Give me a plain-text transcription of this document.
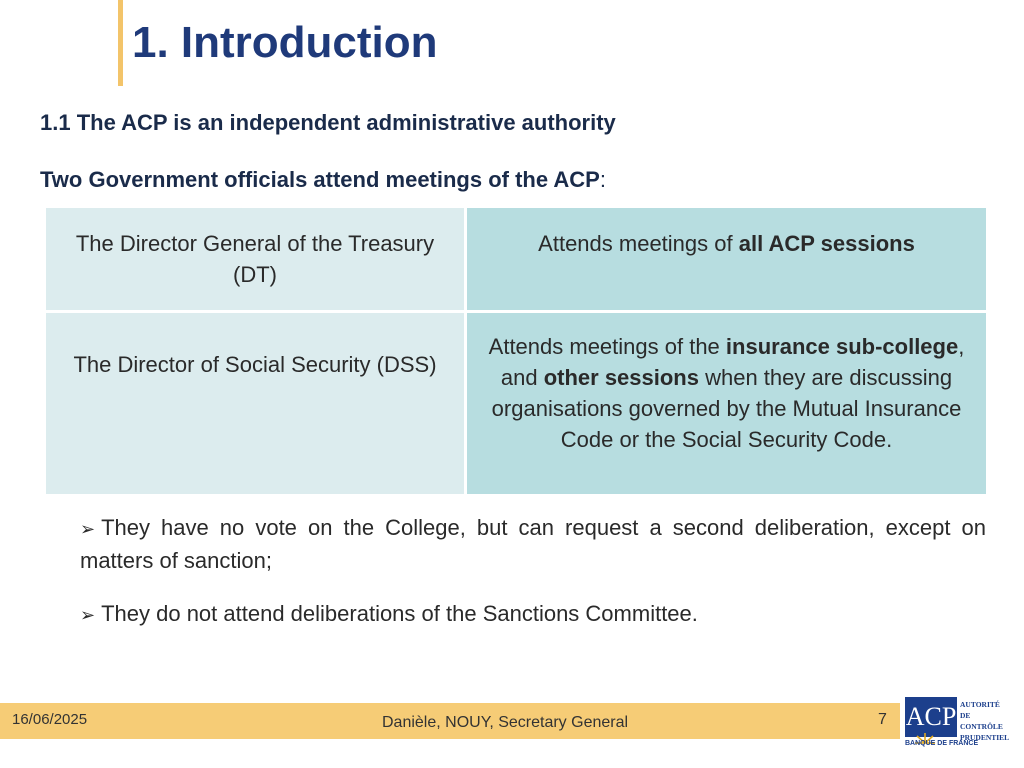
1. Introduction
1.1 The ACP is an independent administrative authority
Two Government officials attend meetings of the ACP:
The Director General of the Treasury (DT)	Attends meetings of all ACP sessions
The Director of Social Security (DSS)	Attends meetings of the insurance sub-college, and other sessions when they are discussing organisations governed by the Mutual Insurance Code or the Social Security Code.
➢ They have no vote on the College, but can request a second deliberation, except on matters of sanction;
➢ They do not attend deliberations of the Sanctions Committee.
16/06/2025	Danièle, NOUY, Secretary General	7 ACP AUTORITÉ
DE CONTRÔLE
PRUDENTIEL
BANQUE DE FRANCE
